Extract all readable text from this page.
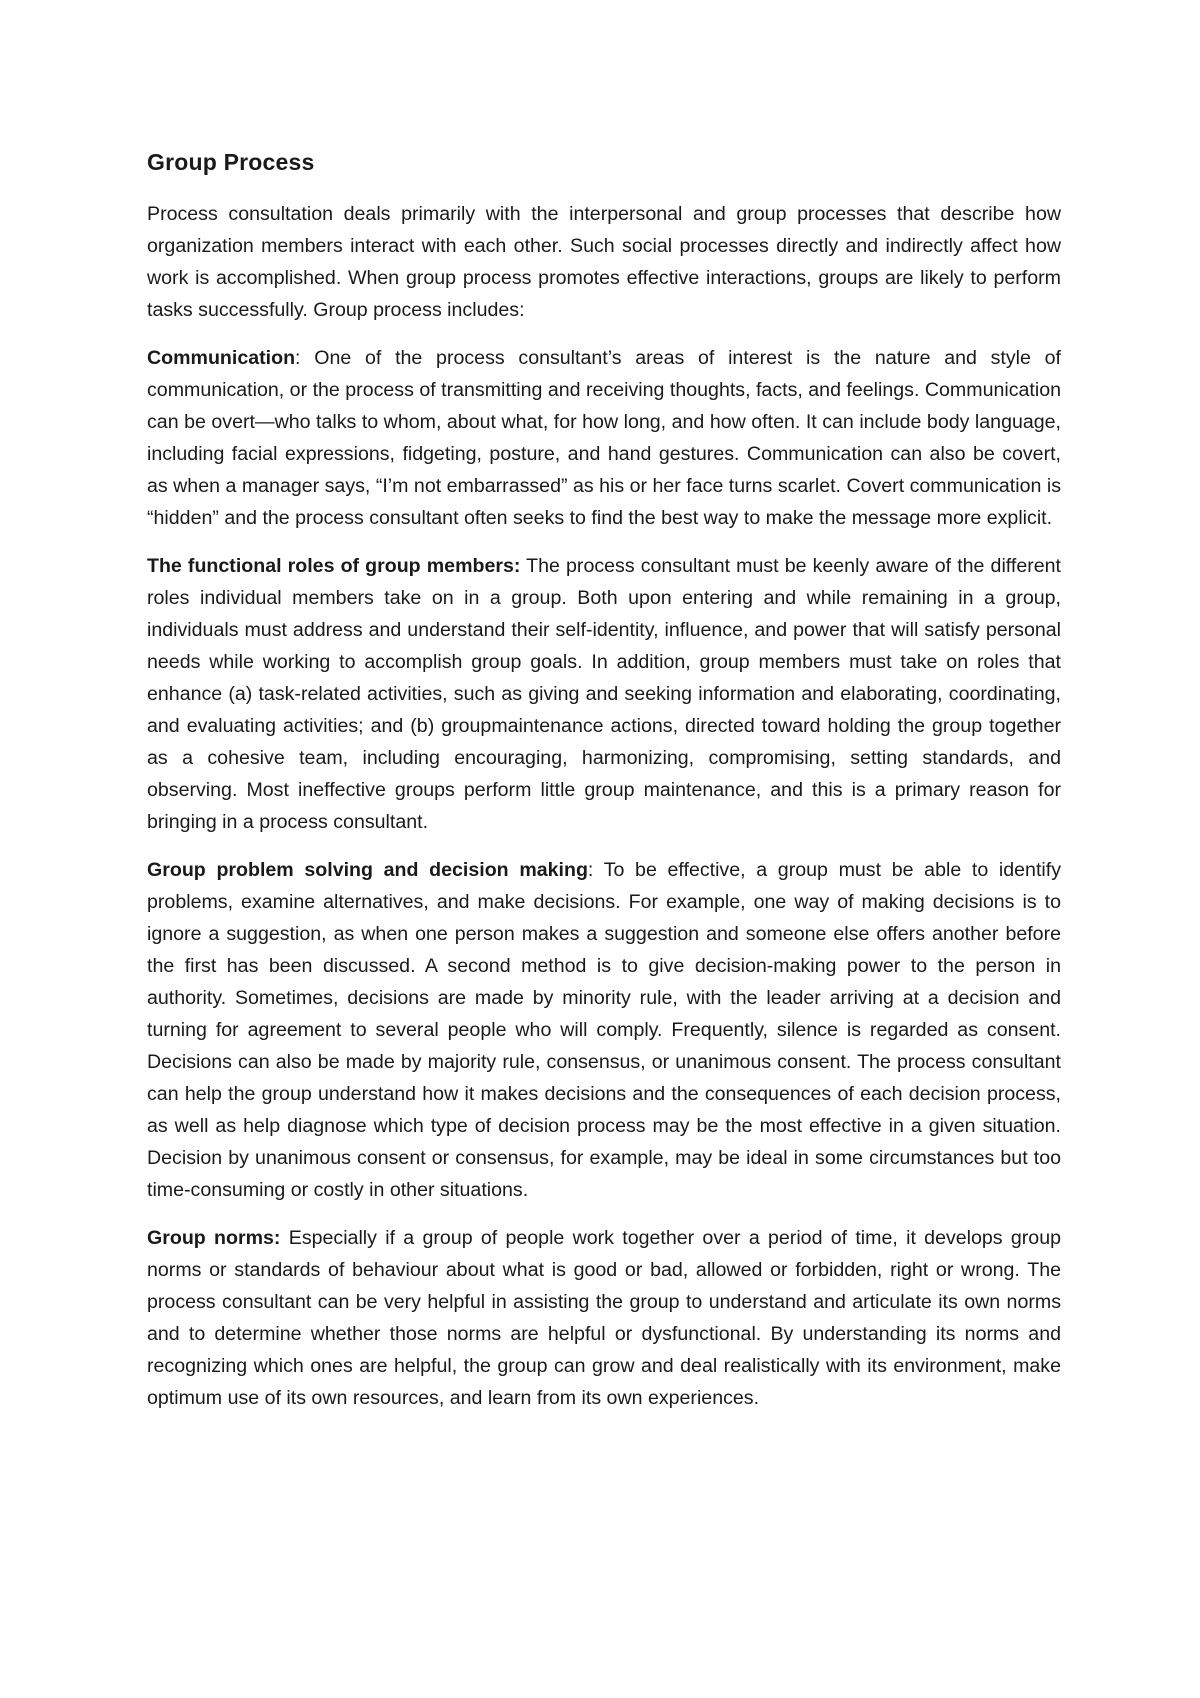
Group Process

Process consultation deals primarily with the interpersonal and group processes that describe how organization members interact with each other. Such social processes directly and indirectly affect how work is accomplished. When group process promotes effective interactions, groups are likely to perform tasks successfully. Group process includes:

Communication: One of the process consultant’s areas of interest is the nature and style of communication, or the process of transmitting and receiving thoughts, facts, and feelings. Communication can be overt—who talks to whom, about what, for how long, and how often. It can include body language, including facial expressions, fidgeting, posture, and hand gestures. Communication can also be covert, as when a manager says, “I’m not embarrassed” as his or her face turns scarlet. Covert communication is “hidden” and the process consultant often seeks to find the best way to make the message more explicit.

The functional roles of group members: The process consultant must be keenly aware of the different roles individual members take on in a group. Both upon entering and while remaining in a group, individuals must address and understand their self-identity, influence, and power that will satisfy personal needs while working to accomplish group goals. In addition, group members must take on roles that enhance (a) task-related activities, such as giving and seeking information and elaborating, coordinating, and evaluating activities; and (b) groupmaintenance actions, directed toward holding the group together as a cohesive team, including encouraging, harmonizing, compromising, setting standards, and observing. Most ineffective groups perform little group maintenance, and this is a primary reason for bringing in a process consultant.

Group problem solving and decision making: To be effective, a group must be able to identify problems, examine alternatives, and make decisions. For example, one way of making decisions is to ignore a suggestion, as when one person makes a suggestion and someone else offers another before the first has been discussed. A second method is to give decision-making power to the person in authority. Sometimes, decisions are made by minority rule, with the leader arriving at a decision and turning for agreement to several people who will comply. Frequently, silence is regarded as consent. Decisions can also be made by majority rule, consensus, or unanimous consent. The process consultant can help the group understand how it makes decisions and the consequences of each decision process, as well as help diagnose which type of decision process may be the most effective in a given situation. Decision by unanimous consent or consensus, for example, may be ideal in some circumstances but too time-consuming or costly in other situations.

Group norms: Especially if a group of people work together over a period of time, it develops group norms or standards of behaviour about what is good or bad, allowed or forbidden, right or wrong. The process consultant can be very helpful in assisting the group to understand and articulate its own norms and to determine whether those norms are helpful or dysfunctional. By understanding its norms and recognizing which ones are helpful, the group can grow and deal realistically with its environment, make optimum use of its own resources, and learn from its own experiences.
